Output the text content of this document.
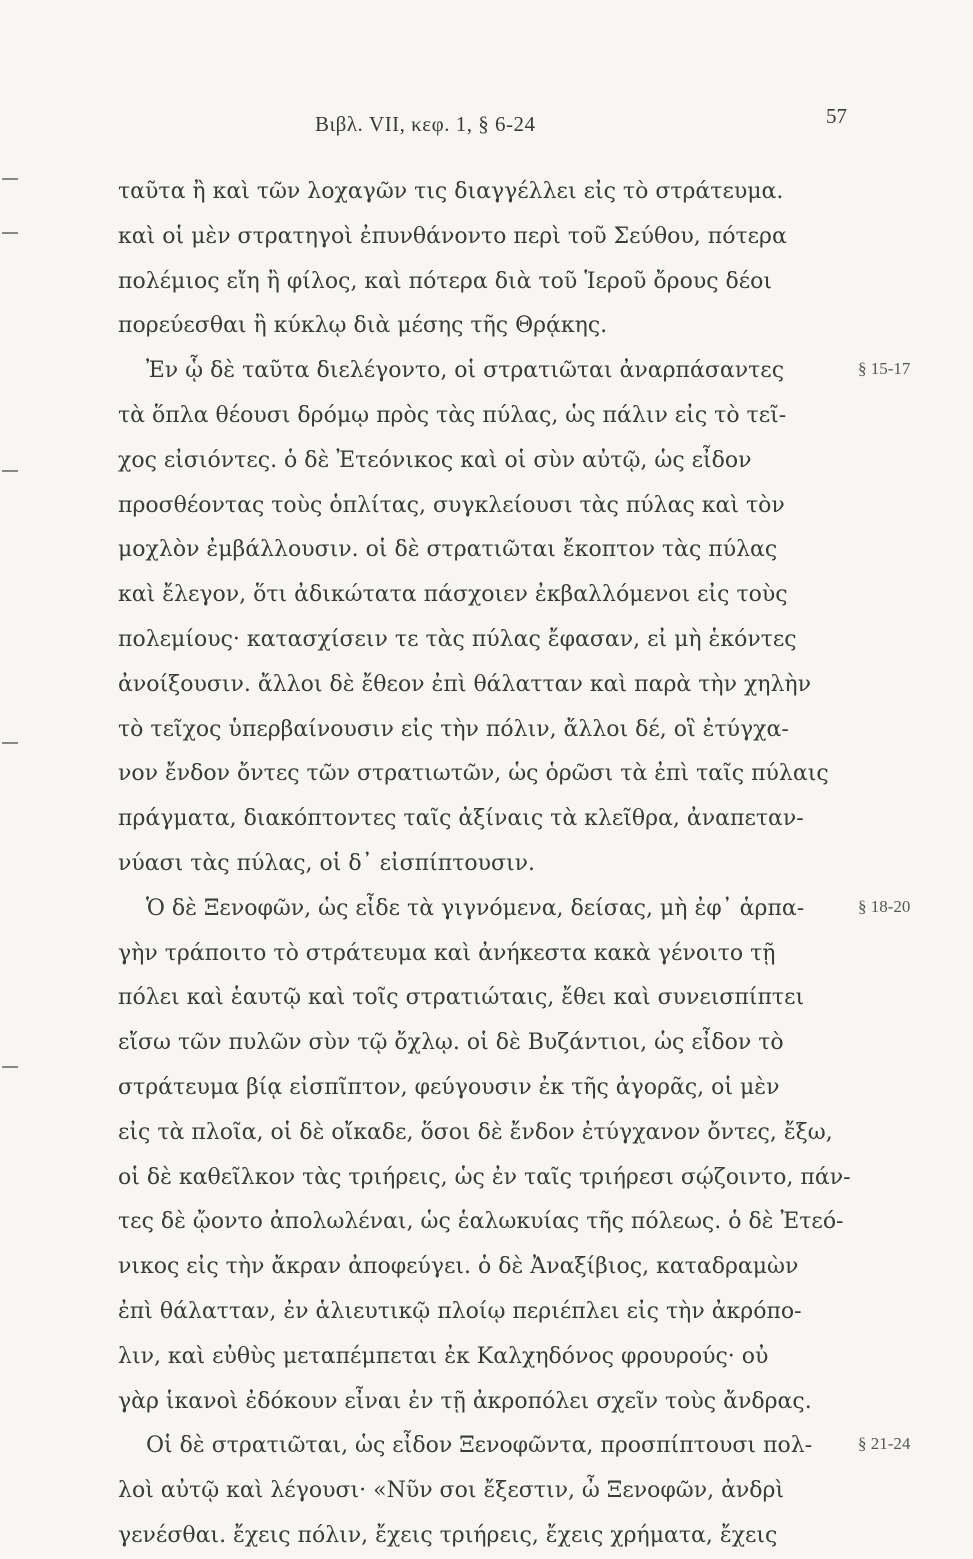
Βιβλ. VII, κεφ. 1, § 6-24	57
ταῦτα ἢ καὶ τῶν λοχαγῶν τις διαγγέλλει εἰς τὸ στράτευμα.
καὶ οἱ μὲν στρατηγοὶ ἐπυνθάνοντο περὶ τοῦ Σεύθου, πότερα
πολέμιος εἴη ἢ φίλος, καὶ πότερα διὰ τοῦ Ἱεροῦ ὄρους δέοι
πορεύεσθαι ἢ κύκλῳ διὰ μέσης τῆς Θρᾴκης.
Ἐν ᾧ δὲ ταῦτα διελέγοντο, οἱ στρατιῶται ἀναρπάσαντες
τὰ ὅπλα θέουσι δρόμῳ πρὸς τὰς πύλας, ὡς πάλιν εἰς τὸ τεῖ-
χος εἰσιόντες. ὁ δὲ Ἐτεόνικος καὶ οἱ σὺν αὐτῷ, ὡς εἶδον
προσθέοντας τοὺς ὁπλίτας, συγκλείουσι τὰς πύλας καὶ τὸν
μοχλὸν ἐμβάλλουσιν. οἱ δὲ στρατιῶται ἔκοπτον τὰς πύλας
καὶ ἔλεγον, ὅτι ἀδικώτατα πάσχοιεν ἐκβαλλόμενοι εἰς τοὺς
πολεμίους· κατασχίσειν τε τὰς πύλας ἔφασαν, εἰ μὴ ἑκόντες
ἀνοίξουσιν. ἄλλοι δὲ ἔθεον ἐπὶ θάλατταν καὶ παρὰ τὴν χηλὴν
τὸ τεῖχος ὑπερβαίνουσιν εἰς τὴν πόλιν, ἄλλοι δέ, οἳ ἐτύγχα-
νον ἔνδον ὄντες τῶν στρατιωτῶν, ὡς ὁρῶσι τὰ ἐπὶ ταῖς πύλαις
πράγματα, διακόπτοντες ταῖς ἀξίναις τὰ κλεῖθρα, ἀναπεταν-
νύασι τὰς πύλας, οἱ δ᾽ εἰσπίπτουσιν.
Ὁ δὲ Ξενοφῶν, ὡς εἶδε τὰ γιγνόμενα, δείσας, μὴ ἐφ᾽ ἁρπα-
γὴν τράποιτο τὸ στράτευμα καὶ ἀνήκεστα κακὰ γένοιτο τῇ
πόλει καὶ ἑαυτῷ καὶ τοῖς στρατιώταις, ἔθει καὶ συνεισπίπτει
εἴσω τῶν πυλῶν σὺν τῷ ὄχλῳ. οἱ δὲ Βυζάντιοι, ὡς εἶδον τὸ
στράτευμα βίᾳ εἰσπῖπτον, φεύγουσιν ἐκ τῆς ἀγορᾶς, οἱ μὲν
εἰς τὰ πλοῖα, οἱ δὲ οἴκαδε, ὅσοι δὲ ἔνδον ἐτύγχανον ὄντες, ἔξω,
οἱ δὲ καθεῖλκον τὰς τριήρεις, ὡς ἐν ταῖς τριήρεσι σῴζοιντο, πάν-
τες δὲ ᾤοντο ἀπολωλέναι, ὡς ἑαλωκυίας τῆς πόλεως. ὁ δὲ Ἐτεό-
νικος εἰς τὴν ἄκραν ἀποφεύγει. ὁ δὲ Ἀναξίβιος, καταδραμὼν
ἐπὶ θάλατταν, ἐν ἁλιευτικῷ πλοίῳ περιέπλει εἰς τὴν ἀκρόπο-
λιν, καὶ εὐθὺς μεταπέμπεται ἐκ Καλχηδόνος φρουρούς· οὐ
γὰρ ἱκανοὶ ἐδόκουν εἶναι ἐν τῇ ἀκροπόλει σχεῖν τοὺς ἄνδρας.
Οἱ δὲ στρατιῶται, ὡς εἶδον Ξενοφῶντα, προσπίπτουσι πολ-
λοὶ αὐτῷ καὶ λέγουσι· «Νῦν σοι ἔξεστιν, ὦ Ξενοφῶν, ἀνδρὶ
γενέσθαι. ἔχεις πόλιν, ἔχεις τριήρεις, ἔχεις χρήματα, ἔχεις
§ 15-17
§ 18-20
§ 21-24
